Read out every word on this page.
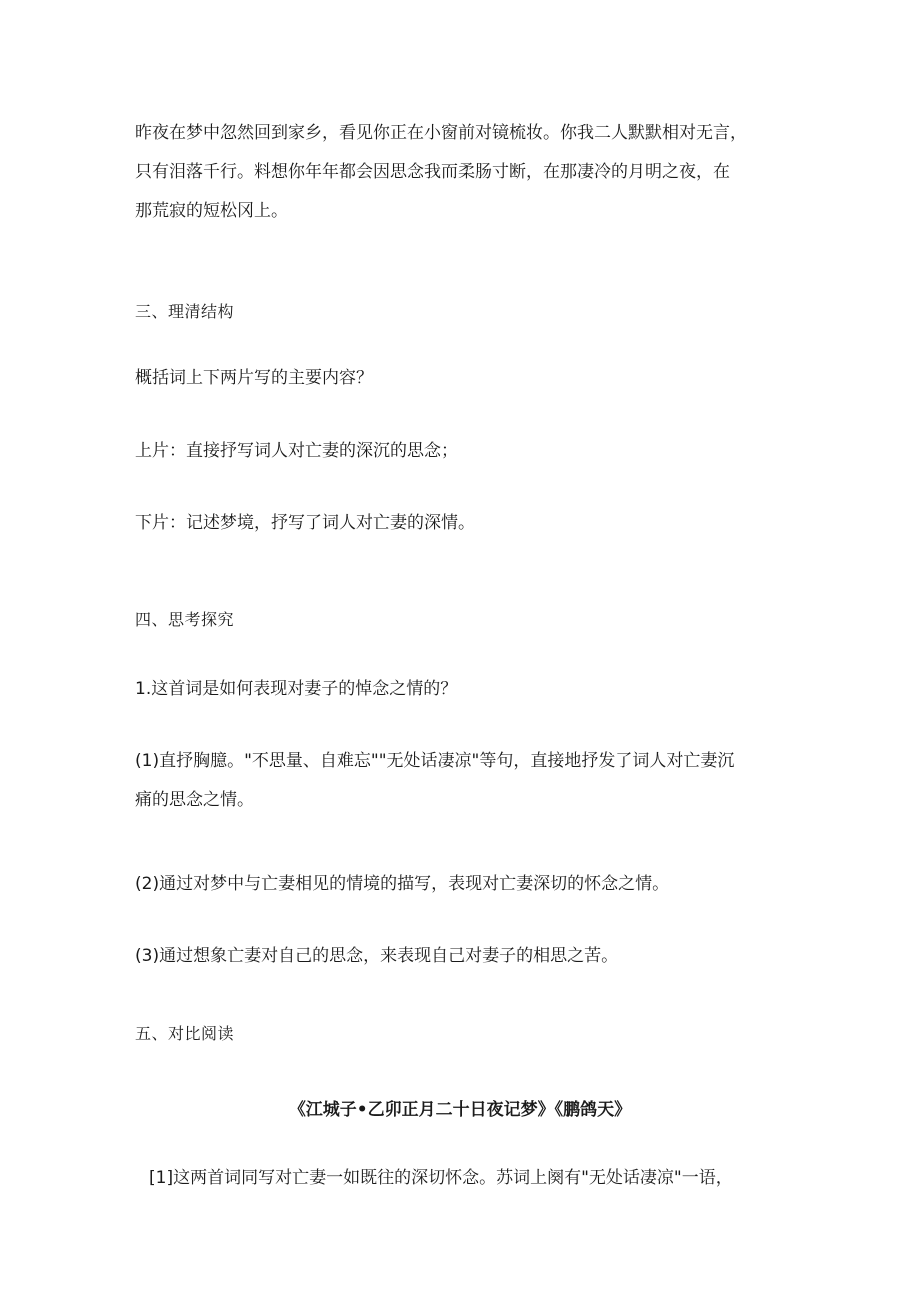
昨夜在梦中忽然回到家乡，看见你正在小窗前对镜梳妆。你我二人默默相对无言，
只有泪落千行。料想你年年都会因思念我而柔肠寸断，在那凄冷的月明之夜，在
那荒寂的短松冈上。
三、理清结构
概括词上下两片写的主要内容？
上片：直接抒写词人对亡妻的深沉的思念；
下片：记述梦境，抒写了词人对亡妻的深情。
四、思考探究
1.这首词是如何表现对妻子的悼念之情的？
(1)直抒胸臆。"不思量、自难忘""无处话凄凉"等句，直接地抒发了词人对亡妻沉
痛的思念之情。
(2)通过对梦中与亡妻相见的情境的描写，表现对亡妻深切的怀念之情。
(3)通过想象亡妻对自己的思念，来表现自己对妻子的相思之苦。
五、对比阅读
《江城子•乙卯正月二十日夜记梦》《鹏鸽天》
[1]这两首词同写对亡妻一如既往的深切怀念。苏词上阕有"无处话凄凉"一语，
